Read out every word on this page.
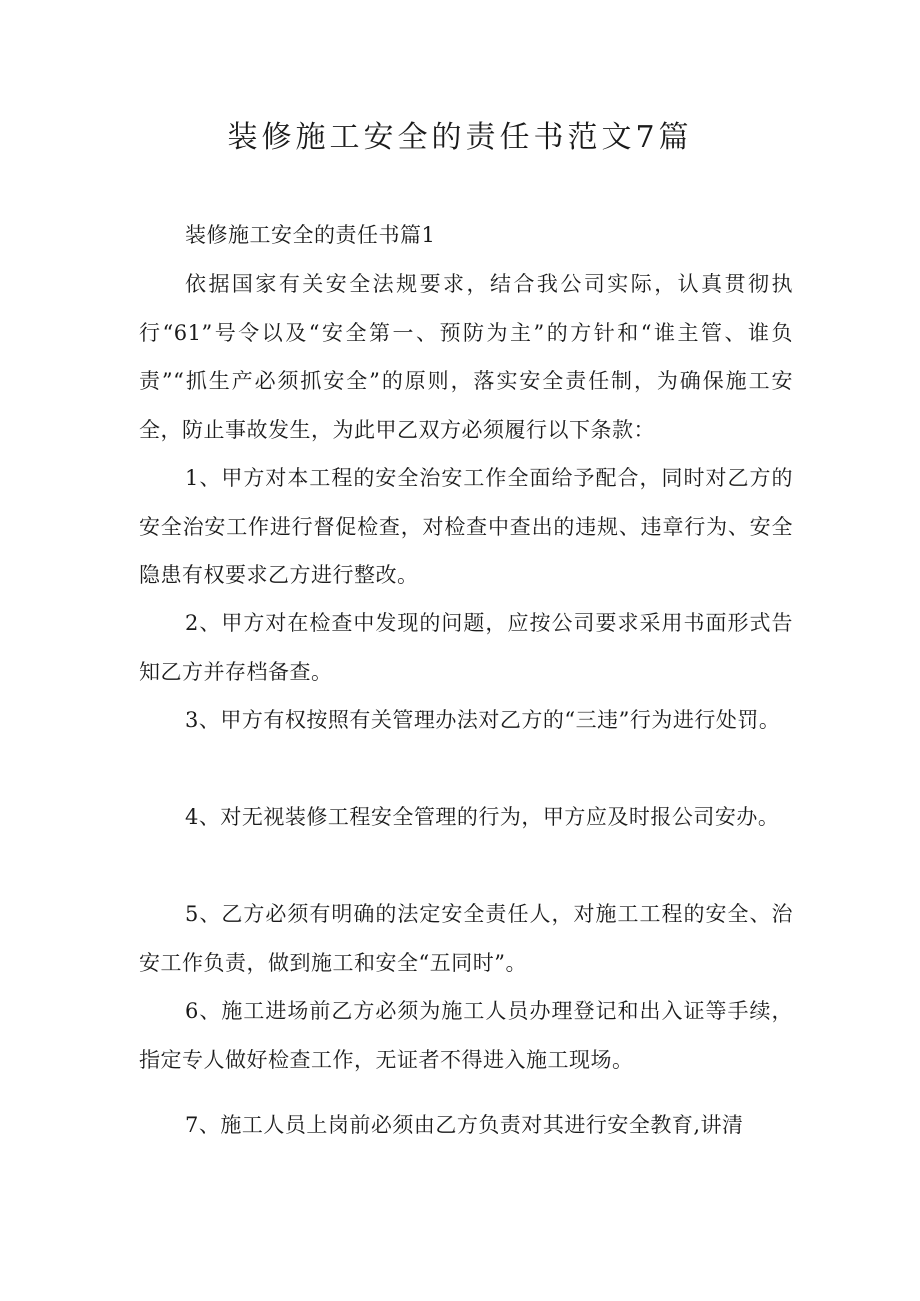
装修施工安全的责任书范文7篇

装修施工安全的责任书篇1

依据国家有关安全法规要求，结合我公司实际，认真贯彻执行“61”号令以及“安全第一、预防为主”的方针和“谁主管、谁负责”“抓生产必须抓安全”的原则，落实安全责任制，为确保施工安全，防止事故发生，为此甲乙双方必须履行以下条款：

1、甲方对本工程的安全治安工作全面给予配合，同时对乙方的安全治安工作进行督促检查，对检查中查出的违规、违章行为、安全隐患有权要求乙方进行整改。

2、甲方对在检查中发现的问题，应按公司要求采用书面形式告知乙方并存档备查。

3、甲方有权按照有关管理办法对乙方的“三违”行为进行处罚。

4、对无视装修工程安全管理的行为，甲方应及时报公司安办。

5、乙方必须有明确的法定安全责任人，对施工工程的安全、治安工作负责，做到施工和安全“五同时”。

6、施工进场前乙方必须为施工人员办理登记和出入证等手续，指定专人做好检查工作，无证者不得进入施工现场。

7、施工人员上岗前必须由乙方负责对其进行安全教育,讲清
